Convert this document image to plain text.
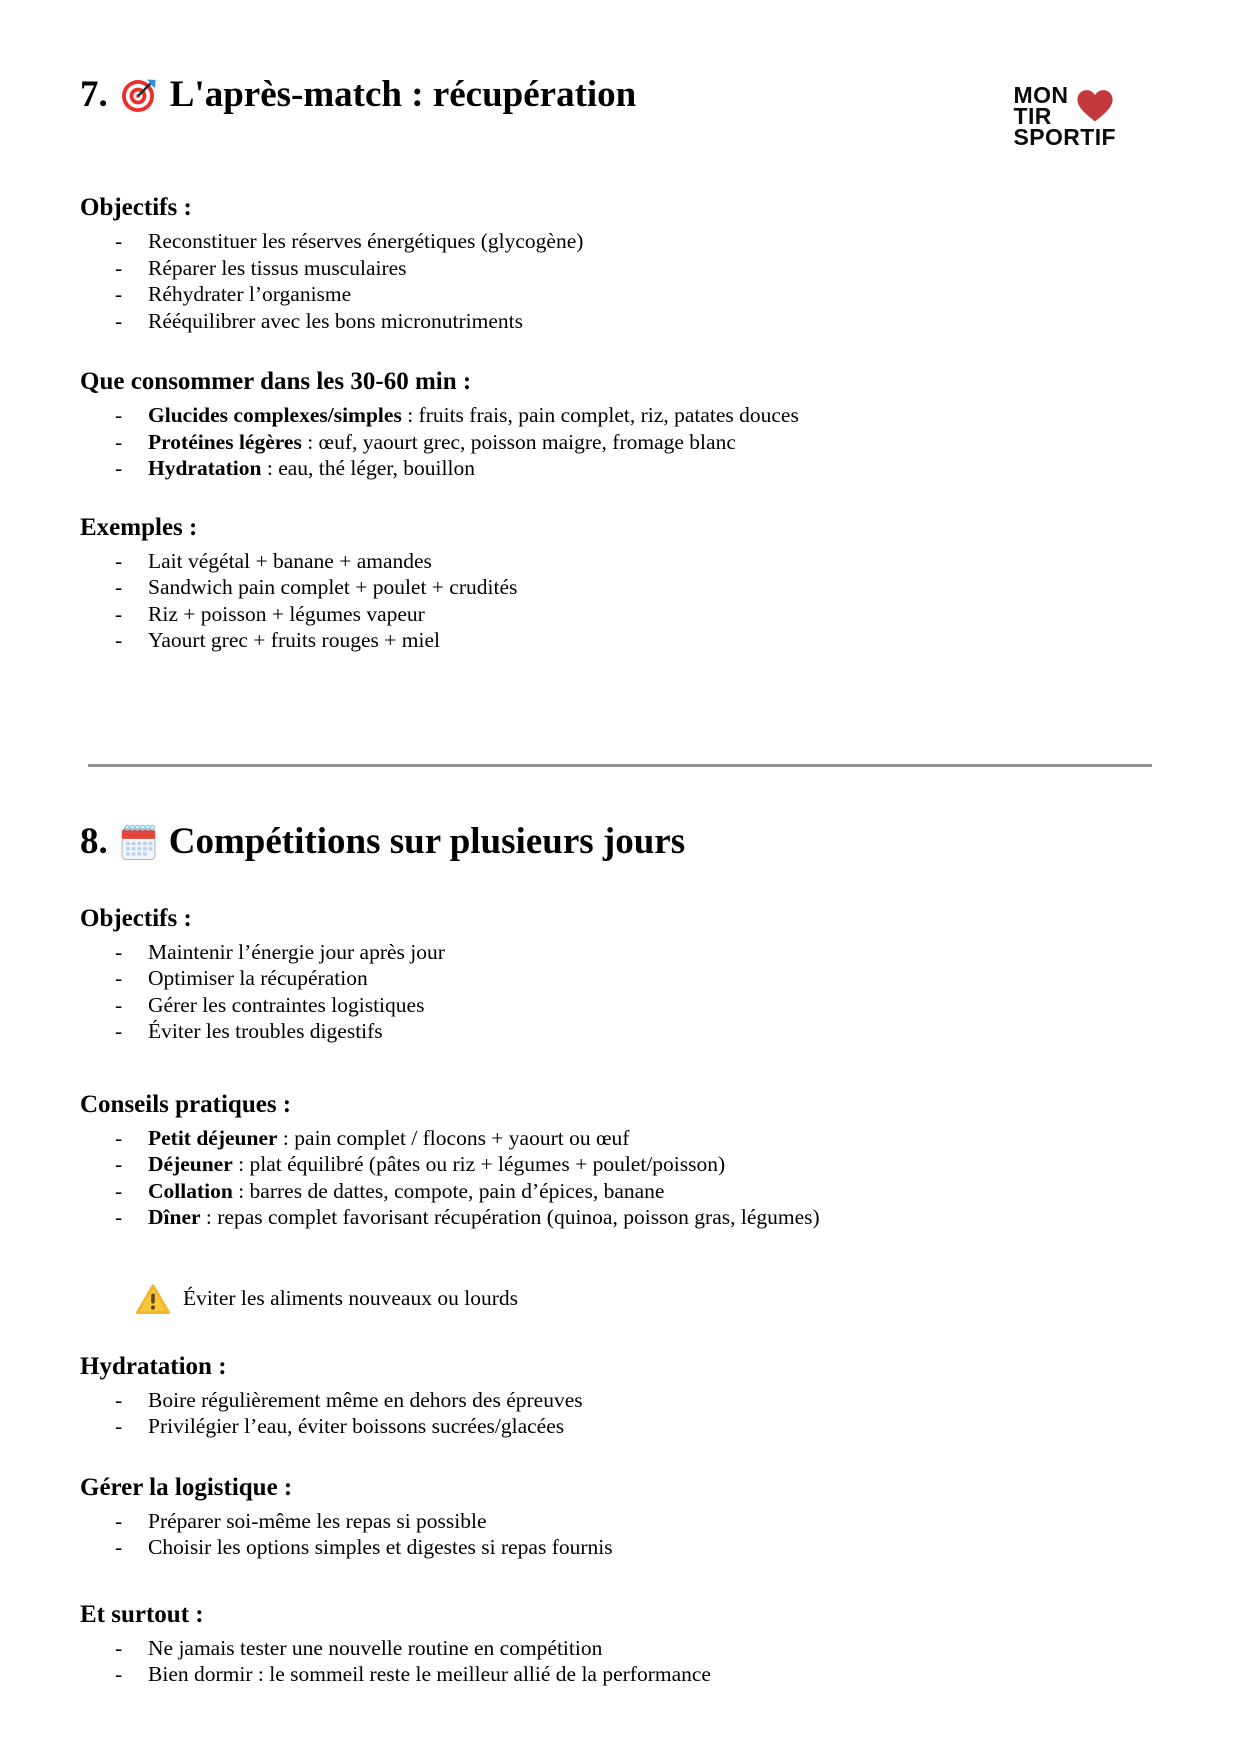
7. L'après-match : récupération	MON
TIR
SPORTIF
Objectifs :
-	Reconstituer les réserves énergétiques (glycogène)
-	Réparer les tissus musculaires
-	Réhydrater l’organisme
-	Rééquilibrer avec les bons micronutriments
Que consommer dans les 30-60 min :
-	Glucides complexes/simples : fruits frais, pain complet, riz, patates douces
-	Protéines légères : œuf, yaourt grec, poisson maigre, fromage blanc
-	Hydratation : eau, thé léger, bouillon
Exemples :
-	Lait végétal + banane + amandes
-	Sandwich pain complet + poulet + crudités
-	Riz + poisson + légumes vapeur
-	Yaourt grec + fruits rouges + miel
8. Compétitions sur plusieurs jours
Objectifs :
-	Maintenir l’énergie jour après jour
-	Optimiser la récupération
-	Gérer les contraintes logistiques
-	Éviter les troubles digestifs
Conseils pratiques :
-	Petit déjeuner : pain complet / flocons + yaourt ou œuf
-	Déjeuner : plat équilibré (pâtes ou riz + légumes + poulet/poisson)
-	Collation : barres de dattes, compote, pain d’épices, banane
-	Dîner : repas complet favorisant récupération (quinoa, poisson gras, légumes)
Éviter les aliments nouveaux ou lourds
Hydratation :
-	Boire régulièrement même en dehors des épreuves
-	Privilégier l’eau, éviter boissons sucrées/glacées
Gérer la logistique :
-	Préparer soi-même les repas si possible
-	Choisir les options simples et digestes si repas fournis
Et surtout :
-	Ne jamais tester une nouvelle routine en compétition
-	Bien dormir : le sommeil reste le meilleur allié de la performance
